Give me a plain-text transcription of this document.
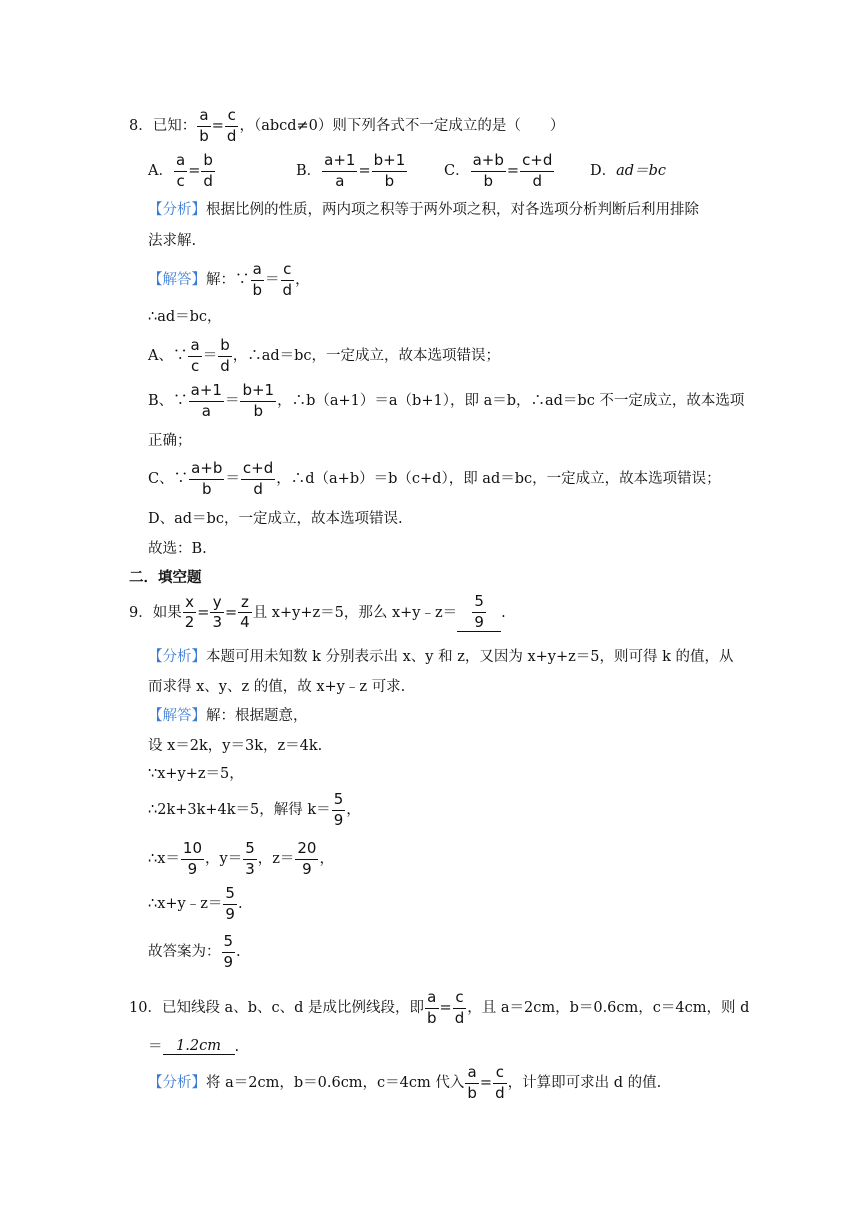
8．已知：
a
b
=
c
d
，（abcd≠0）则下列各式不一定成立的是（　　）
A．
a
c
=
b
d
B．
a+1
a
=
b+1
b
C．
a+b
b
=
c+d
d
D． ad＝bc
【分析】 根据比例的性质，两内项之积等于两外项之积，对各选项分析判断后利用排除
法求解.
【解答】 解：∵
a
b
＝
c
d
，
∴ad＝bc，
A、∵
a
c
＝
b
d
，∴ad＝bc，一定成立，故本选项错误；
B、∵
a+1
a
＝
b+1
b
，∴b（a+1）＝a（b+1），即 a＝b，∴ad＝bc 不一定成立，故本选项
正确；
C、∵
a+b
b
＝
c+d
d
，∴d（a+b）＝b（c+d），即 ad＝bc，一定成立，故本选项错误；
D、ad＝bc，一定成立，故本选项错误.
故选：B.
二．填空题
9．如果
x
2
=
y
3
=
z
4
且 x+y+z＝5，那么 x+y﹣z＝ $\frac{5}{9}$ .
【分析】 本题可用未知数 k 分别表示出 x、y 和 z，又因为 x+y+z＝5，则可得 k 的值，从
而求得 x、y、z 的值，故 x+y﹣z 可求.
【解答】 解：根据题意，
设 x＝2k，y＝3k，z＝4k.
∵x+y+z＝5，
∴2k+3k+4k＝5，解得 k＝
5
9
，
∴x＝
10
9
，y＝
5
3
，z＝
20
9
，
∴x+y﹣z＝
5
9
.
故答案为：
5
9
.
10．已知线段 a、b、c、d 是成比例线段，即
a
b
=
c
d
，且 a＝2cm，b＝0.6cm，c＝4cm，则 d
＝ 1.2cm .
【分析】 将 a＝2cm，b＝0.6cm，c＝4cm 代入
a
b
=
c
d
，计算即可求出 d 的值.
